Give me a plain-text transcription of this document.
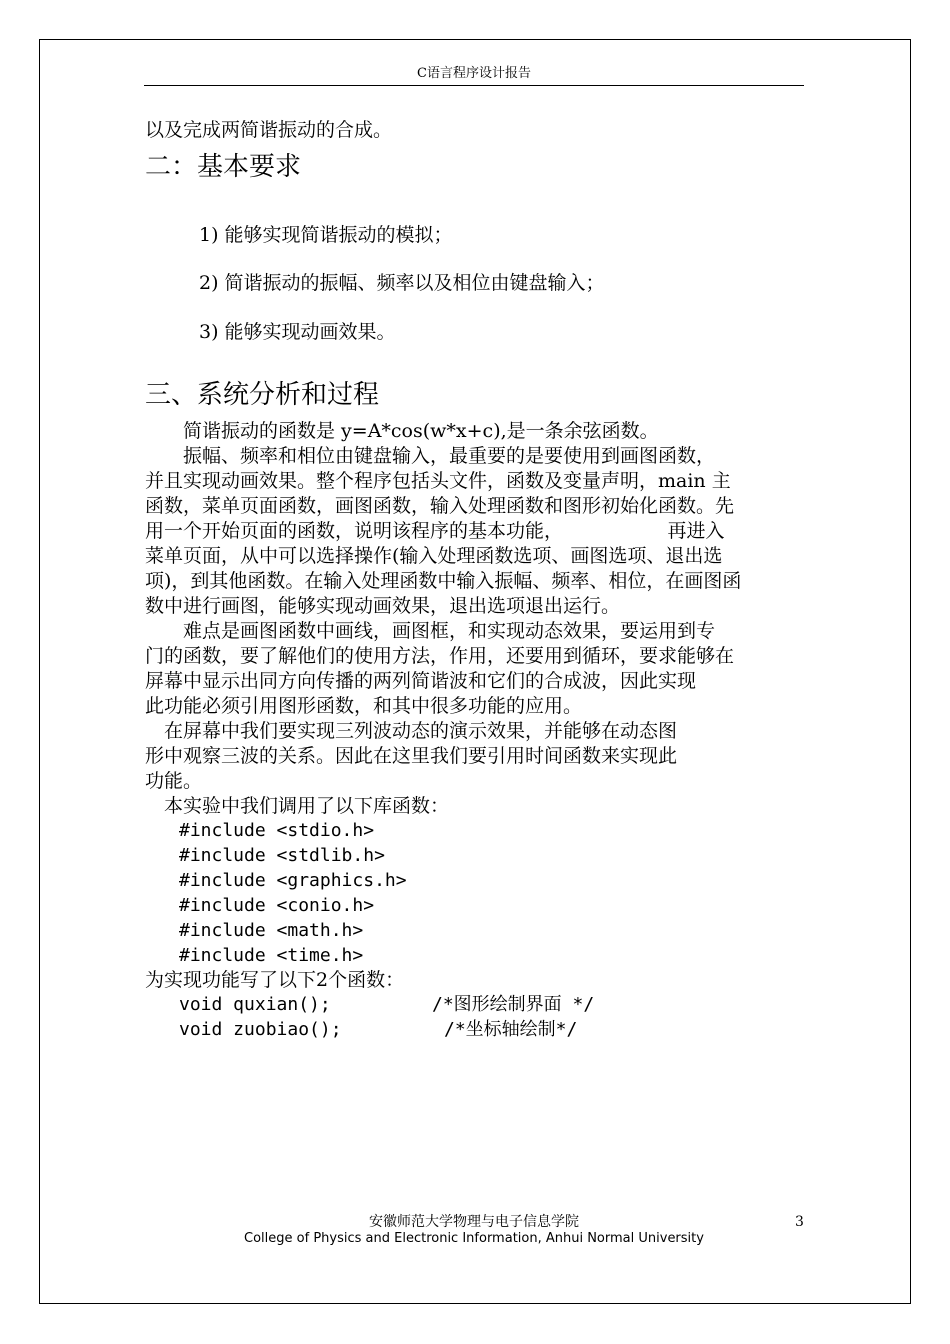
C语言程序设计报告
以及完成两简谐振动的合成。
二：基本要求
1) 能够实现简谐振动的模拟；
2) 简谐振动的振幅、频率以及相位由键盘输入；
3) 能够实现动画效果。
三、系统分析和过程
　　简谐振动的函数是 y=A*cos(w*x+c),是一条余弦函数。
　　振幅、频率和相位由键盘输入，最重要的是要使用到画图函数，
并且实现动画效果。整个程序包括头文件，函数及变量声明，main 主
函数，菜单页面函数，画图函数，输入处理函数和图形初始化函数。先
用一个开始页面的函数，说明该程序的基本功能，　　　　　　再进入
菜单页面，从中可以选择操作(输入处理函数选项、画图选项、退出选
项)，到其他函数。在输入处理函数中输入振幅、频率、相位，在画图函
数中进行画图，能够实现动画效果，退出选项退出运行。
　　难点是画图函数中画线，画图框，和实现动态效果，要运用到专
门的函数，要了解他们的使用方法，作用，还要用到循环，要求能够在
屏幕中显示出同方向传播的两列简谐波和它们的合成波，因此实现
此功能必须引用图形函数，和其中很多功能的应用。
　在屏幕中我们要实现三列波动态的演示效果，并能够在动态图
形中观察三波的关系。因此在这里我们要引用时间函数来实现此
功能。
　本实验中我们调用了以下库函数：
#include <stdio.h>
#include <stdlib.h>
#include <graphics.h>
#include <conio.h>
#include <math.h>
#include <time.h>
为实现功能写了以下2个函数：
void quxian();	/*图形绘制界面 */
void zuobiao();	/*坐标轴绘制*/
安徽师范大学物理与电子信息学院
College of Physics and Electronic Information, Anhui Normal University
3
